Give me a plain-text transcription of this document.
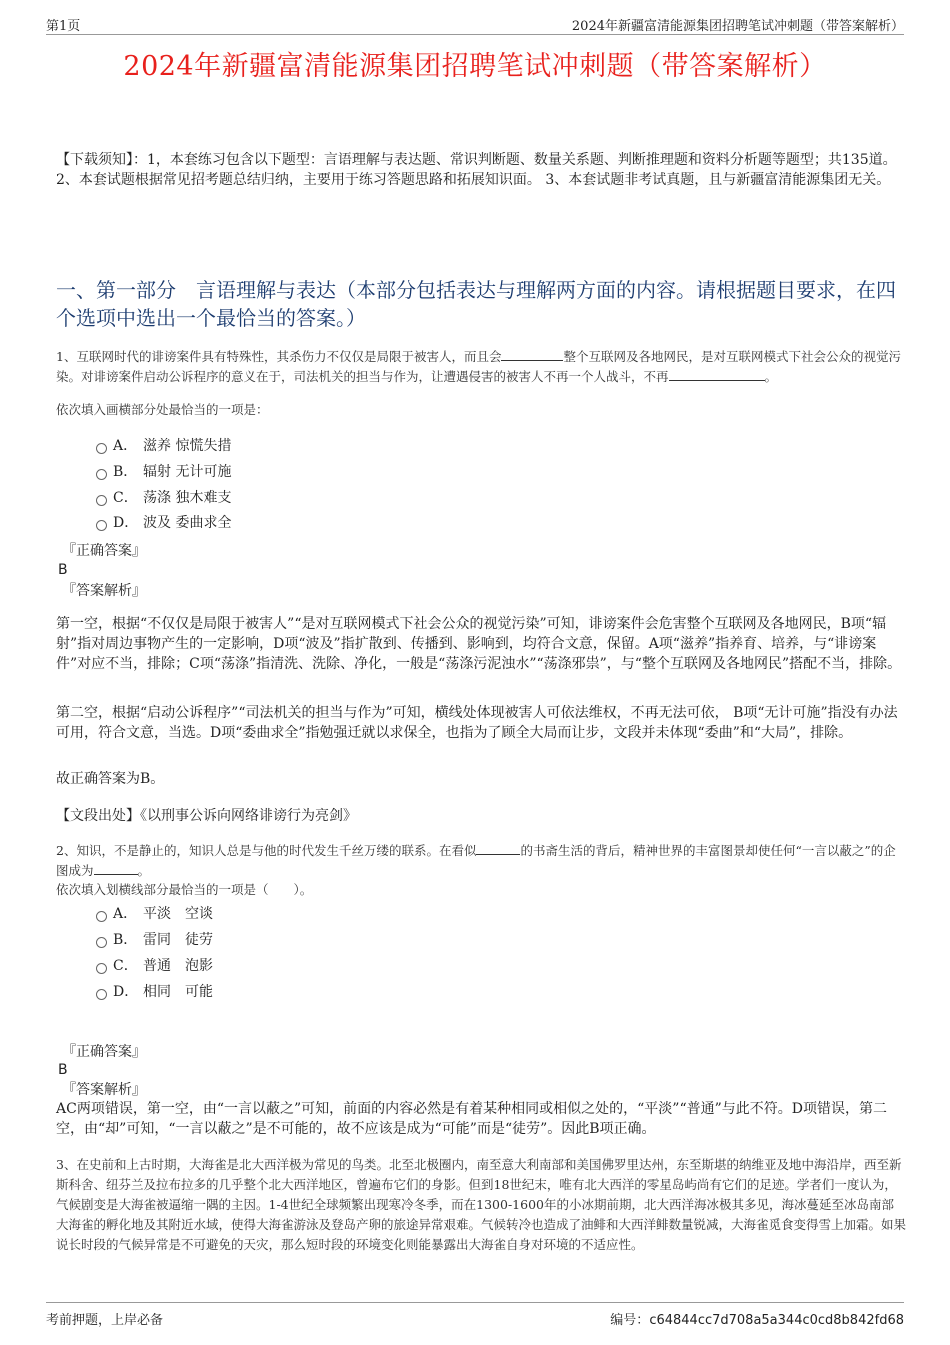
第1页	2024年新疆富清能源集团招聘笔试冲刺题（带答案解析）
2024年新疆富清能源集团招聘笔试冲刺题（带答案解析）
【下载须知】：1，本套练习包含以下题型：言语理解与表达题、常识判断题、数量关系题、判断推理题和资料分析题等题型；共135道。 2、本套试题根据常见招考题总结归纳，主要用于练习答题思路和拓展知识面。 3、本套试题非考试真题，且与新疆富清能源集团无关。
一、第一部分　言语理解与表达（本部分包括表达与理解两方面的内容。请根据题目要求，在四个选项中选出一个最恰当的答案。）
1、互联网时代的诽谤案件具有特殊性，其杀伤力不仅仅是局限于被害人，而且会	整个互联网及各地网民，是对互联网模式下社会公众的视觉污染。对诽谤案件启动公诉程序的意义在于，司法机关的担当与作为，让遭遇侵害的被害人不再一个人战斗，不再	。
依次填入画横部分处最恰当的一项是：
A． 滋养 惊慌失措
B． 辐射 无计可施
C． 荡涤 独木难支
D． 波及 委曲求全
『正确答案』
B
『答案解析』
第一空，根据“不仅仅是局限于被害人”“是对互联网模式下社会公众的视觉污染”可知，诽谤案件会危害整个互联网及各地网民，B项“辐射”指对周边事物产生的一定影响，D项“波及”指扩散到、传播到、影响到，均符合文意，保留。A项“滋养”指养育、培养，与“诽谤案件”对应不当，排除；C项“荡涤”指清洗、洗除、净化，一般是“荡涤污泥浊水”“荡涤邪祟”，与“整个互联网及各地网民”搭配不当，排除。
第二空，根据“启动公诉程序”“司法机关的担当与作为”可知，横线处体现被害人可依法维权，不再无法可依， B项“无计可施”指没有办法可用，符合文意，当选。D项“委曲求全”指勉强迁就以求保全，也指为了顾全大局而让步，文段并未体现“委曲”和“大局”，排除。
故正确答案为B。
【文段出处】《以刑事公诉向网络诽谤行为亮剑》
2、知识，不是静止的，知识人总是与他的时代发生千丝万缕的联系。在看似	的书斋生活的背后，精神世界的丰富图景却使任何“一言以蔽之”的企图成为	。
依次填入划横线部分最恰当的一项是（　　）。
A． 平淡　空谈
B． 雷同　徒劳
C． 普通　泡影
D． 相同　可能
『正确答案』
B
『答案解析』
AC两项错误，第一空，由“一言以蔽之”可知，前面的内容必然是有着某种相同或相似之处的，“平淡”“普通”与此不符。D项错误，第二空，由“却”可知，“一言以蔽之”是不可能的，故不应该是成为“可能”而是“徒劳”。因此B项正确。
3、在史前和上古时期，大海雀是北大西洋极为常见的鸟类。北至北极圈内，南至意大利南部和美国佛罗里达州，东至斯堪的纳维亚及地中海沿岸，西至新斯科舍、纽芬兰及拉布拉多的几乎整个北大西洋地区，曾遍布它们的身影。但到18世纪末，唯有北大西洋的零星岛屿尚有它们的足迹。学者们一度认为，气候剧变是大海雀被逼缩一隅的主因。1-4世纪全球频繁出现寒冷冬季，而在1300-1600年的小冰期前期，北大西洋海冰极其多见，海冰蔓延至冰岛南部大海雀的孵化地及其附近水域，使得大海雀游泳及登岛产卵的旅途异常艰难。气候转冷也造成了油鲱和大西洋鲱数量锐减，大海雀觅食变得雪上加霜。如果说长时段的气候异常是不可避免的天灾，那么短时段的环境变化则能暴露出大海雀自身对环境的不适应性。
考前押题，上岸必备	编号：c64844cc7d708a5a344c0cd8b842fd68
